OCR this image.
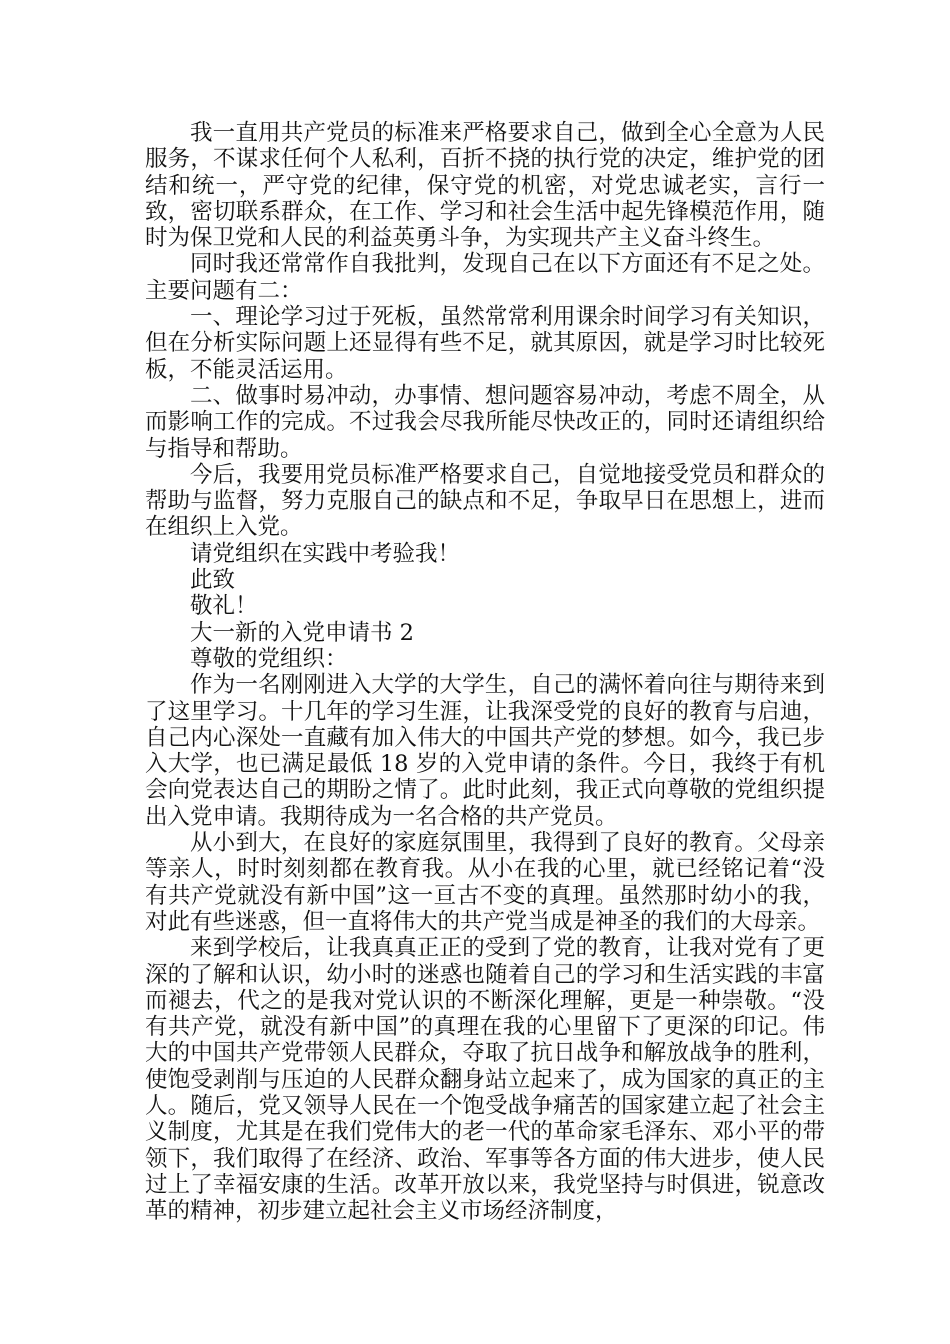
我一直用共产党员的标准来严格要求自己，做到全心全意为人民服务，不谋求任何个人私利，百折不挠的执行党的决定，维护党的团结和统一，严守党的纪律，保守党的机密，对党忠诚老实，言行一致，密切联系群众，在工作、学习和社会生活中起先锋模范作用，随时为保卫党和人民的利益英勇斗争，为实现共产主义奋斗终生。

同时我还常常作自我批判，发现自己在以下方面还有不足之处。主要问题有二：

一、理论学习过于死板，虽然常常利用课余时间学习有关知识，但在分析实际问题上还显得有些不足，就其原因，就是学习时比较死板，不能灵活运用。

二、做事时易冲动，办事情、想问题容易冲动，考虑不周全，从而影响工作的完成。不过我会尽我所能尽快改正的，同时还请组织给与指导和帮助。

今后，我要用党员标准严格要求自己，自觉地接受党员和群众的帮助与监督，努力克服自己的缺点和不足，争取早日在思想上，进而在组织上入党。

请党组织在实践中考验我！

此致

敬礼！

大一新的入党申请书 2

尊敬的党组织：

作为一名刚刚进入大学的大学生，自己的满怀着向往与期待来到了这里学习。十几年的学习生涯，让我深受党的良好的教育与启迪，自己内心深处一直藏有加入伟大的中国共产党的梦想。如今，我已步入大学，也已满足最低 18 岁的入党申请的条件。今日，我终于有机会向党表达自己的期盼之情了。此时此刻，我正式向尊敬的党组织提出入党申请。我期待成为一名合格的共产党员。

从小到大，在良好的家庭氛围里，我得到了良好的教育。父母亲等亲人，时时刻刻都在教育我。从小在我的心里，就已经铭记着“没有共产党就没有新中国”这一亘古不变的真理。虽然那时幼小的我，对此有些迷惑，但一直将伟大的共产党当成是神圣的我们的大母亲。

来到学校后，让我真真正正的受到了党的教育，让我对党有了更深的了解和认识，幼小时的迷惑也随着自己的学习和生活实践的丰富而褪去，代之的是我对党认识的不断深化理解，更是一种崇敬。“没有共产党，就没有新中国”的真理在我的心里留下了更深的印记。伟大的中国共产党带领人民群众，夺取了抗日战争和解放战争的胜利，使饱受剥削与压迫的人民群众翻身站立起来了，成为国家的真正的主人。随后，党又领导人民在一个饱受战争痛苦的国家建立起了社会主义制度，尤其是在我们党伟大的老一代的革命家毛泽东、邓小平的带领下，我们取得了在经济、政治、军事等各方面的伟大进步，使人民过上了幸福安康的生活。改革开放以来，我党坚持与时俱进，锐意改革的精神，初步建立起社会主义市场经济制度，
